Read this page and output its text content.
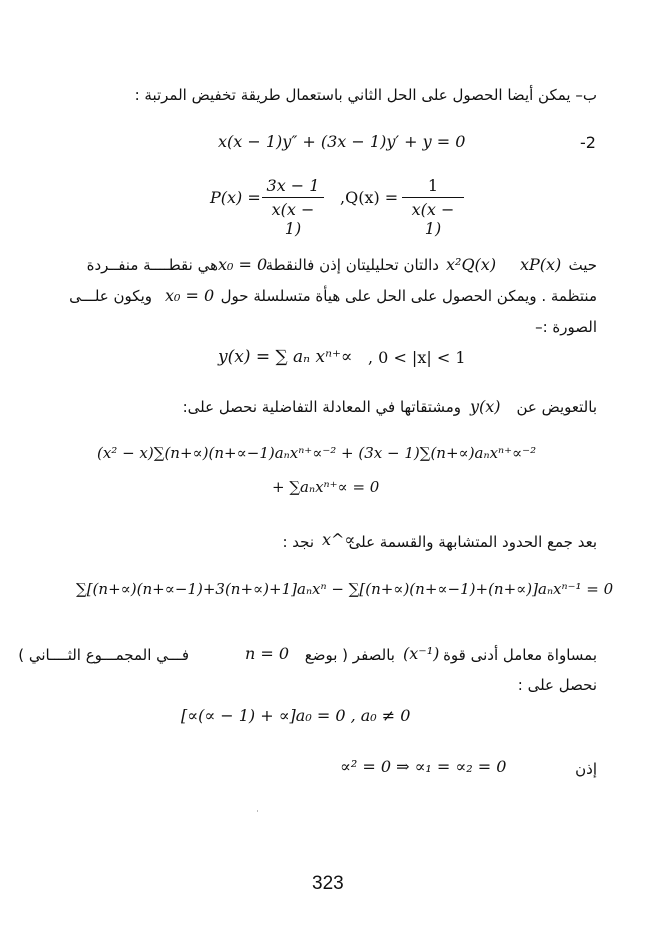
ب– يمكن أيضا الحصول على الحل الثاني باستعمال طريقة تخفيض المرتبة :
-2
x(x − 1)y″ + (3x − 1)y′ + y = 0
P(x) =
3x − 1
x(x − 1)
,Q(x) =
1
x(x − 1)
حيث
xP(x)
x²Q(x)
دالتان تحليليتان إذن فالنقطة
x₀ = 0
هي نقطــــة منفــردة
منتظمة . ويمكن الحصول على الحل على هيأة متسلسلة حول
x₀ = 0
ويكون علـــى
الصورة :–
y(x) = ∑ aₙ xⁿ⁺∝ , 0 < |x| < 1
بالتعويض عن
y(x)
ومشتقاتها في المعادلة التفاضلية نحصل على:
(x² − x)∑(n+∝)(n+∝−1)aₙxⁿ⁺∝⁻² + (3x − 1)∑(n+∝)aₙxⁿ⁺∝⁻²
+ ∑aₙxⁿ⁺∝ = 0
بعد جمع الحدود المتشابهة والقسمة على
x^∝
نجد :
∑[(n+∝)(n+∝−1)+3(n+∝)+1]aₙxⁿ − ∑[(n+∝)(n+∝−1)+(n+∝)]aₙxⁿ⁻¹ = 0
بمساواة معامل أدنى قوة
(x⁻¹)
بالصفر ( بوضع
n = 0
فـــي المجمـــوع الثــــاني )
نحصل على :
[∝(∝ − 1) + ∝]a₀ = 0 , a₀ ≠ 0
إذن
∝² = 0 ⇒ ∝₁ = ∝₂ = 0
˙
323
